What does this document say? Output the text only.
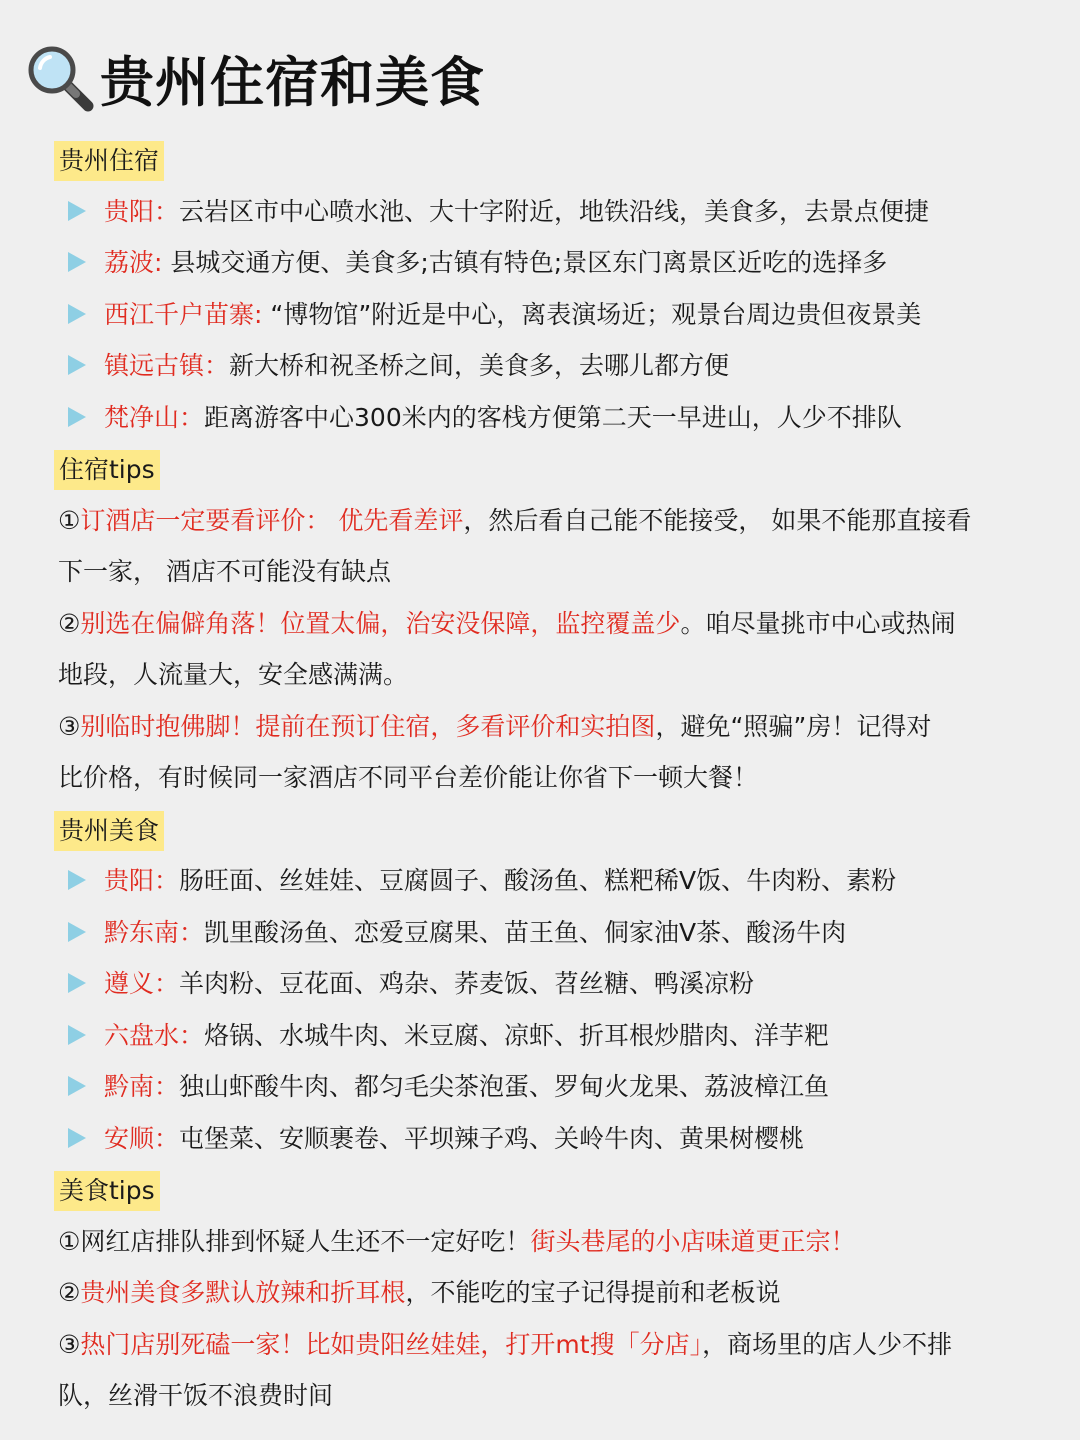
贵州住宿和美食
贵州住宿
贵阳：云岩区市中心喷水池、大十字附近，地铁沿线，美食多，去景点便捷
荔波: 县城交通方便、美食多;古镇有特色;景区东门离景区近吃的选择多
西江千户苗寨: “博物馆”附近是中心，离表演场近；观景台周边贵但夜景美
镇远古镇：新大桥和祝圣桥之间，美食多，去哪儿都方便
梵净山：距离游客中心300米内的客栈方便第二天一早进山，人少不排队
住宿tips
①订酒店一定要看评价： 优先看差评，然后看自己能不能接受， 如果不能那直接看
下一家， 酒店不可能没有缺点
②别选在偏僻角落！位置太偏，治安没保障，监控覆盖少。咱尽量挑市中心或热闹
地段，人流量大，安全感满满。
③别临时抱佛脚！提前在预订住宿，多看评价和实拍图，避免“照骗”房！记得对
比价格，有时候同一家酒店不同平台差价能让你省下一顿大餐！
贵州美食
贵阳：肠旺面、丝娃娃、豆腐圆子、酸汤鱼、糕粑稀V饭、牛肉粉、素粉
黔东南：凯里酸汤鱼、恋爱豆腐果、苗王鱼、侗家油V茶、酸汤牛肉
遵义：羊肉粉、豆花面、鸡杂、荞麦饭、苕丝糖、鸭溪凉粉
六盘水：烙锅、水城牛肉、米豆腐、凉虾、折耳根炒腊肉、洋芋粑
黔南：独山虾酸牛肉、都匀毛尖茶泡蛋、罗甸火龙果、荔波樟江鱼
安顺：屯堡菜、安顺裹卷、平坝辣子鸡、关岭牛肉、黄果树樱桃
美食tips
①网红店排队排到怀疑人生还不一定好吃！街头巷尾的小店味道更正宗！
②贵州美食多默认放辣和折耳根，不能吃的宝子记得提前和老板说
③热门店别死磕一家！比如贵阳丝娃娃，打开mt搜「分店」，商场里的店人少不排
队，丝滑干饭不浪费时间
